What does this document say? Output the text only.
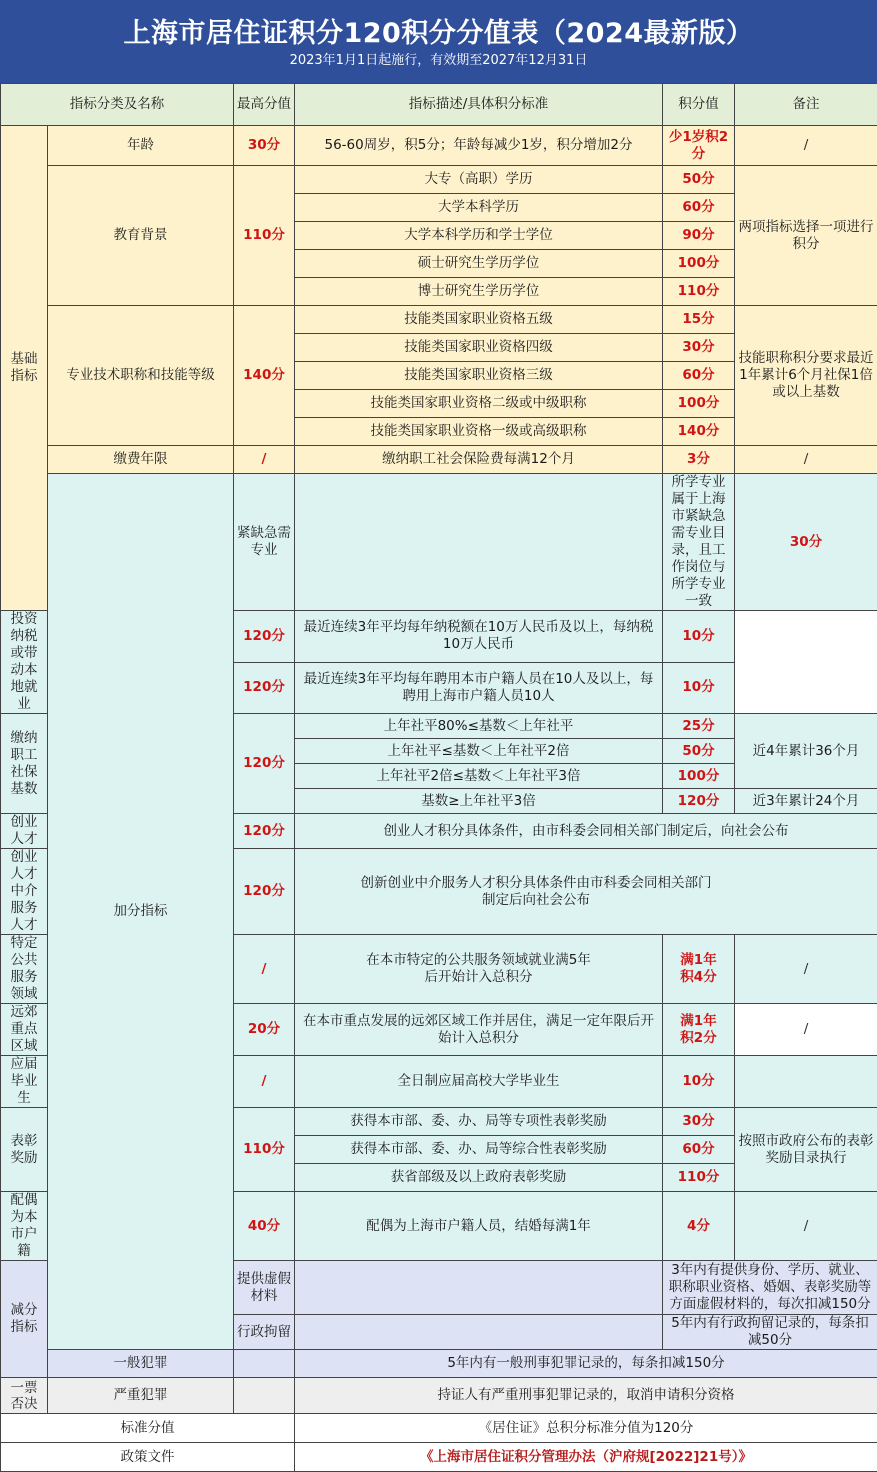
上海市居住证积分120积分分值表（2024最新版）
2023年1月1日起施行，有效期至2027年12月31日
指标分类及名称		最高分值	指标描述/具体积分标准	积分值	备注	
基础指标	年龄	30分	56-60周岁，积5分；年龄每减少1岁，积分增加2分	少1岁积2分	/	
	教育背景	110分	大专（高职）学历	50分	两项指标选择一项进行积分	
			大学本科学历	60分		
			大学本科学历和学士学位	90分		
			硕士研究生学历学位	100分		
			博士研究生学历学位	110分		
	专业技术职称和技能等级	140分	技能类国家职业资格五级	15分	技能职称积分要求最近1年累计6个月社保1倍或以上基数	
			技能类国家职业资格四级	30分		
			技能类国家职业资格三级	60分		
			技能类国家职业资格二级或中级职称	100分		
			技能类国家职业资格一级或高级职称	140分		
	缴费年限	/	缴纳职工社会保险费每满12个月	3分	/	
	加分指标	紧缺急需专业		所学专业属于上海市紧缺急需专业目录，且工作岗位与所学专业一致	30分	
投资纳税或带动本地就业		120分	最近连续3年平均每年纳税额在10万人民币及以上，每纳税10万人民币	10分		
		120分	最近连续3年平均每年聘用本市户籍人员在10人及以上，每聘用上海市户籍人员10人	10分		
缴纳职工社保基数		120分	上年社平80%≤基数＜上年社平	25分	近4年累计36个月	
			上年社平≤基数＜上年社平2倍	50分		
			上年社平2倍≤基数＜上年社平3倍	100分		
			基数≥上年社平3倍	120分	近3年累计24个月	
创业人才		120分	创业人才积分具体条件，由市科委会同相关部门制定后，向社会公布			
创业人才中介服务人才		120分	创新创业中介服务人才积分具体条件由市科委会同相关部门制定后向社会公布			
特定公共服务领域		/	在本市特定的公共服务领域就业满5年后开始计入总积分	满1年积4分	/	
远郊重点区域		20分	在本市重点发展的远郊区域工作并居住，满足一定年限后开始计入总积分	满1年积2分	/	
应届毕业生		/	全日制应届高校大学毕业生	10分		
表彰奖励		110分	获得本市部、委、办、局等专项性表彰奖励	30分	按照市政府公布的表彰奖励目录执行	
			获得本市部、委、办、局等综合性表彰奖励	60分		
			获省部级及以上政府表彰奖励	110分		
配偶为本市户籍		40分	配偶为上海市户籍人员，结婚每满1年	4分	/	
减分指标		提供虚假材料		3年内有提供身份、学历、就业、职称职业资格、婚姻、表彰奖励等方面虚假材料的，每次扣减150分		
		行政拘留		5年内有行政拘留记录的，每条扣减50分		
	一般犯罪		5年内有一般刑事犯罪记录的，每条扣减150分			
一票否决	严重犯罪		持证人有严重刑事犯罪记录的，取消申请积分资格			
标准分值			《居住证》总积分标准分值为120分			
政策文件			《上海市居住证积分管理办法（沪府规[2022]21号）》			
